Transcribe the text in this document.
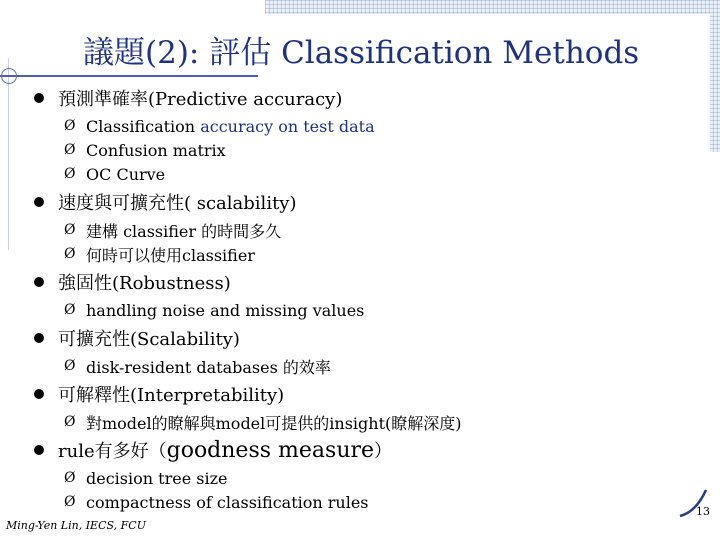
議題(2): 評估 Classification Methods
預測準確率(Predictive accuracy)
Ø Classification accuracy on test data
Ø Confusion matrix
Ø OC Curve
速度與可擴充性( scalability)
Ø 建構 classifier 的時間多久
Ø 何時可以使用classifier
強固性(Robustness)
Ø handling noise and missing values
可擴充性(Scalability)
Ø disk-resident databases 的效率
可解釋性(Interpretability)
Ø 對model的瞭解與model可提供的insight(瞭解深度)
rule有多好（goodness measure）
Ø decision tree size
Ø compactness of classification rules	13
Ming-Yen Lin, IECS, FCU
